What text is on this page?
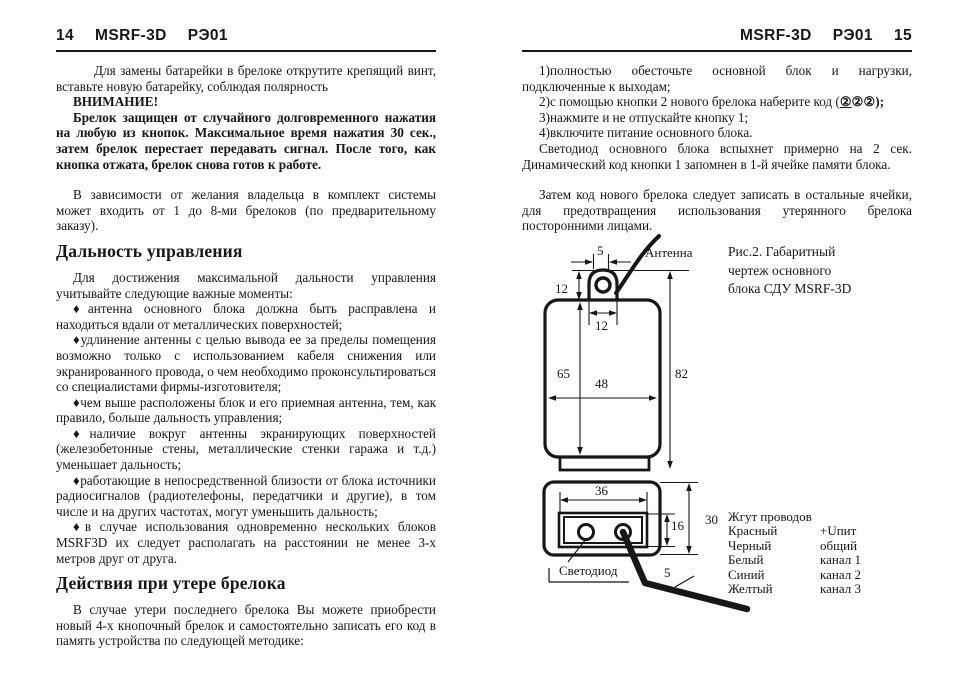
14 MSRF-3D РЭ01

Для замены батарейки в брелоке открутите крепящий винт, вставьте новую батарейку, соблюдая полярность

ВНИМАНИЕ!

Брелок защищен от случайного долговременного нажатия на любую из кнопок. Максимальное время нажатия 30 сек., затем брелок перестает передавать сигнал. После того, как кнопка отжата, брелок снова готов к работе.

В зависимости от желания владельца в комплект системы может входить от 1 до 8-ми брелоков (по предварительному заказу).

Дальность управления

Для достижения максимальной дальности управления учитывайте следующие важные моменты:

♦антенна основного блока должна быть расправлена и находиться вдали от металлических поверхностей;

♦удлинение антенны с целью вывода ее за пределы помещения возможно только с использованием кабеля снижения или экранированного провода, о чем необходимо проконсультироваться со специалистами фирмы-изготовителя;

♦чем выше расположены блок и его приемная антенна, тем, как правило, больше дальность управления;

♦наличие вокруг антенны экранирующих поверхностей (железобетонные стены, металлические стенки гаража и т.д.) уменьшает дальность;

♦работающие в непосредственной близости от блока источники радиосигналов (радиотелефоны, передатчики и другие), в том числе и на других частотах, могут уменьшить дальность;

♦в случае использования одновременно нескольких блоков MSRF3D их следует располагать на расстоянии не менее 3-х метров друг от друга.

Действия при утере брелока

В случае утери последнего брелока Вы можете приобрести новый 4-х кнопочный брелок и самостоятельно записать его код в память устройства по следующей методике:

MSRF-3D РЭ01 15

1)полностью обесточьте основной блок и нагрузки, подключенные к выходам;

2)с помощью кнопки 2 нового брелока наберите код (②②②);

3)нажмите и не отпускайте кнопку 1;

4)включите питание основного блока.

Светодиод основного блока вспыхнет примерно на 2 сек. Динамический код кнопки 1 запомнен в 1-й ячейке памяти блока.

Затем код нового брелока следует записать в остальные ячейки, для предотвращения использования утерянного брелока посторонними лицами.

Антенна
5
12
12
65
48
82
36
16 30
5
Светодиод
Рис.2. Габаритный
чертеж основного
блока СДУ MSRF-3D
Жгут проводов
Красный	+Uпит
Черный	общий
Белый	канал 1
Синий	канал 2
Желтый	канал 3
